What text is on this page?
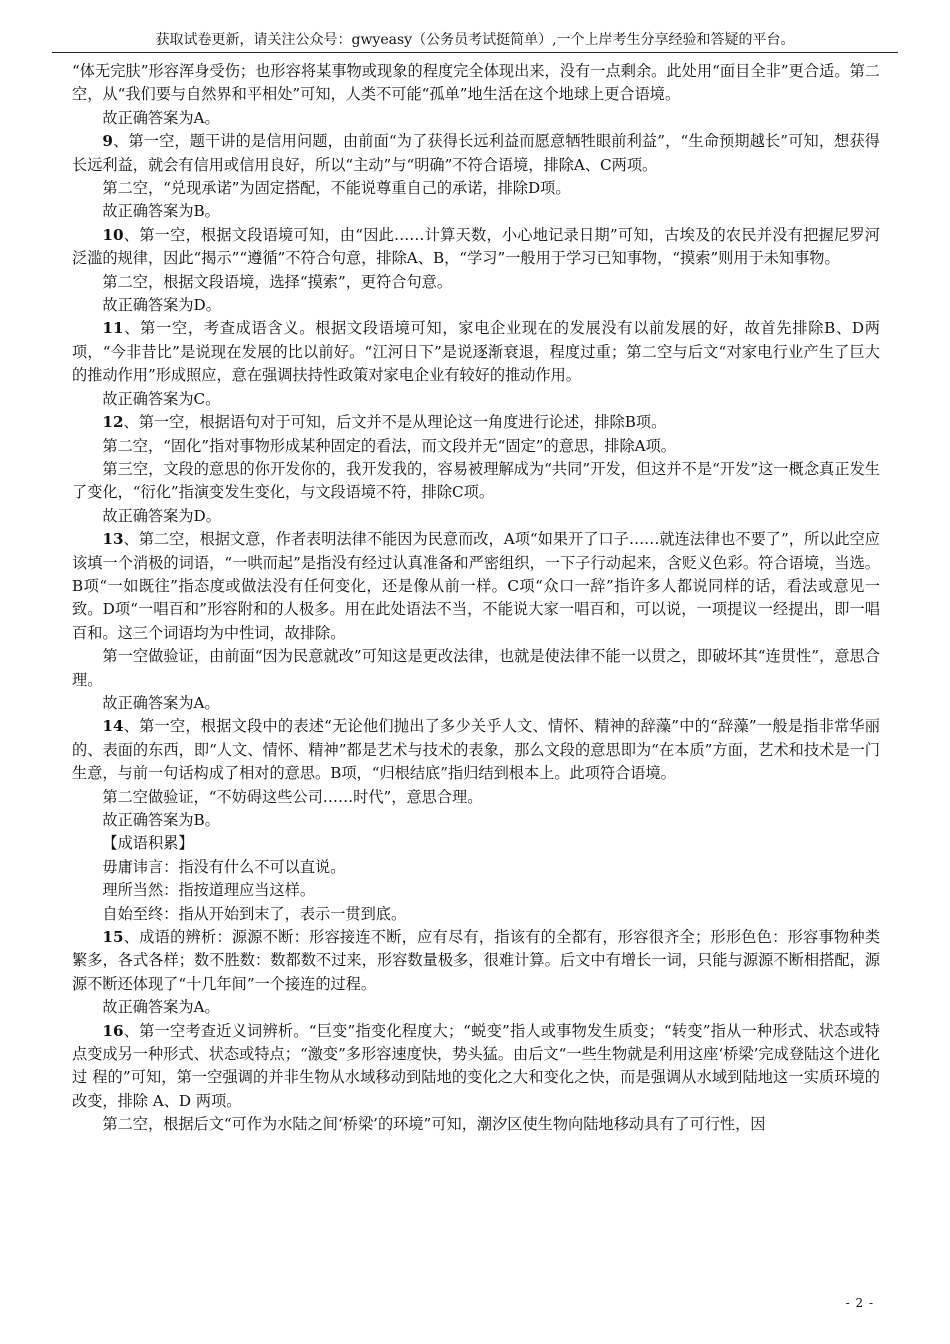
获取试卷更新，请关注公众号：gwyeasy（公务员考试挺简单）,一个上岸考生分享经验和答疑的平台。

“体无完肤”形容浑身受伤；也形容将某事物或现象的程度完全体现出来，没有一点剩余。此处用“面目全非”更合适。第二空，从“我们要与自然界和平相处”可知，人类不可能“孤单”地生活在这个地球上更合语境。

故正确答案为A。

9、第一空，题干讲的是信用问题，由前面“为了获得长远利益而愿意牺牲眼前利益”，“生命预期越长”可知，想获得长远利益，就会有信用或信用良好，所以“主动”与“明确”不符合语境，排除A、C两项。

第二空，“兑现承诺”为固定搭配，不能说尊重自己的承诺，排除D项。

故正确答案为B。

10、第一空，根据文段语境可知，由“因此……计算天数，小心地记录日期”可知，古埃及的农民并没有把握尼罗河泛滥的规律，因此“揭示”“遵循”不符合句意，排除A、B，“学习”一般用于学习已知事物，“摸索”则用于未知事物。

第二空，根据文段语境，选择“摸索”，更符合句意。

故正确答案为D。

11、第一空，考查成语含义。根据文段语境可知，家电企业现在的发展没有以前发展的好，故首先排除B、D两项，“今非昔比”是说现在发展的比以前好。“江河日下”是说逐渐衰退，程度过重；第二空与后文“对家电行业产生了巨大的推动作用”形成照应，意在强调扶持性政策对家电企业有较好的推动作用。

故正确答案为C。

12、第一空，根据语句对于可知，后文并不是从理论这一角度进行论述，排除B项。

第二空，“固化”指对事物形成某种固定的看法，而文段并无“固定”的意思，排除A项。

第三空，文段的意思的你开发你的，我开发我的，容易被理解成为“共同”开发，但这并不是“开发”这一概念真正发生了变化，“衍化”指演变发生变化，与文段语境不符，排除C项。

故正确答案为D。

13、第二空，根据文意，作者表明法律不能因为民意而改，A项“如果开了口子……就连法律也不要了”，所以此空应该填一个消极的词语，“一哄而起”是指没有经过认真准备和严密组织，一下子行动起来，含贬义色彩。符合语境，当选。B项“一如既往”指态度或做法没有任何变化，还是像从前一样。C项“众口一辞”指许多人都说同样的话，看法或意见一致。D项“一唱百和”形容附和的人极多。用在此处语法不当，不能说大家一唱百和，可以说，一项提议一经提出，即一唱百和。这三个词语均为中性词，故排除。

第一空做验证，由前面“因为民意就改”可知这是更改法律，也就是使法律不能一以贯之，即破坏其“连贯性”，意思合理。

故正确答案为A。

14、第一空，根据文段中的表述“无论他们抛出了多少关乎人文、情怀、精神的辞藻”中的“辞藻”一般是指非常华丽的、表面的东西，即“人文、情怀、精神”都是艺术与技术的表象，那么文段的意思即为“在本质”方面，艺术和技术是一门生意，与前一句话构成了相对的意思。B项，“归根结底”指归结到根本上。此项符合语境。

第二空做验证，“不妨碍这些公司……时代”，意思合理。

故正确答案为B。

【成语积累】

毋庸讳言：指没有什么不可以直说。

理所当然：指按道理应当这样。

自始至终：指从开始到末了，表示一贯到底。

15、成语的辨析：源源不断：形容接连不断，应有尽有，指该有的全都有，形容很齐全；形形色色：形容事物种类繁多，各式各样；数不胜数：数都数不过来，形容数量极多，很难计算。后文中有增长一词，只能与源源不断相搭配，源源不断还体现了“十几年间”一个接连的过程。

故正确答案为A。

16、第一空考查近义词辨析。“巨变”指变化程度大；“蜕变”指人或事物发生质变；“转变”指从一种形式、状态或特点变成另一种形式、状态或特点；“激变”多形容速度快，势头猛。由后文“一些生物就是利用这座‘桥梁’完成登陆这个进化过 程的”可知，第一空强调的并非生物从水域移动到陆地的变化之大和变化之快，而是强调从水域到陆地这一实质环境的改变，排除 A、D 两项。

第二空，根据后文“可作为水陆之间‘桥梁’的环境”可知，潮汐区使生物向陆地移动具有了可行性，因

- 2 -
